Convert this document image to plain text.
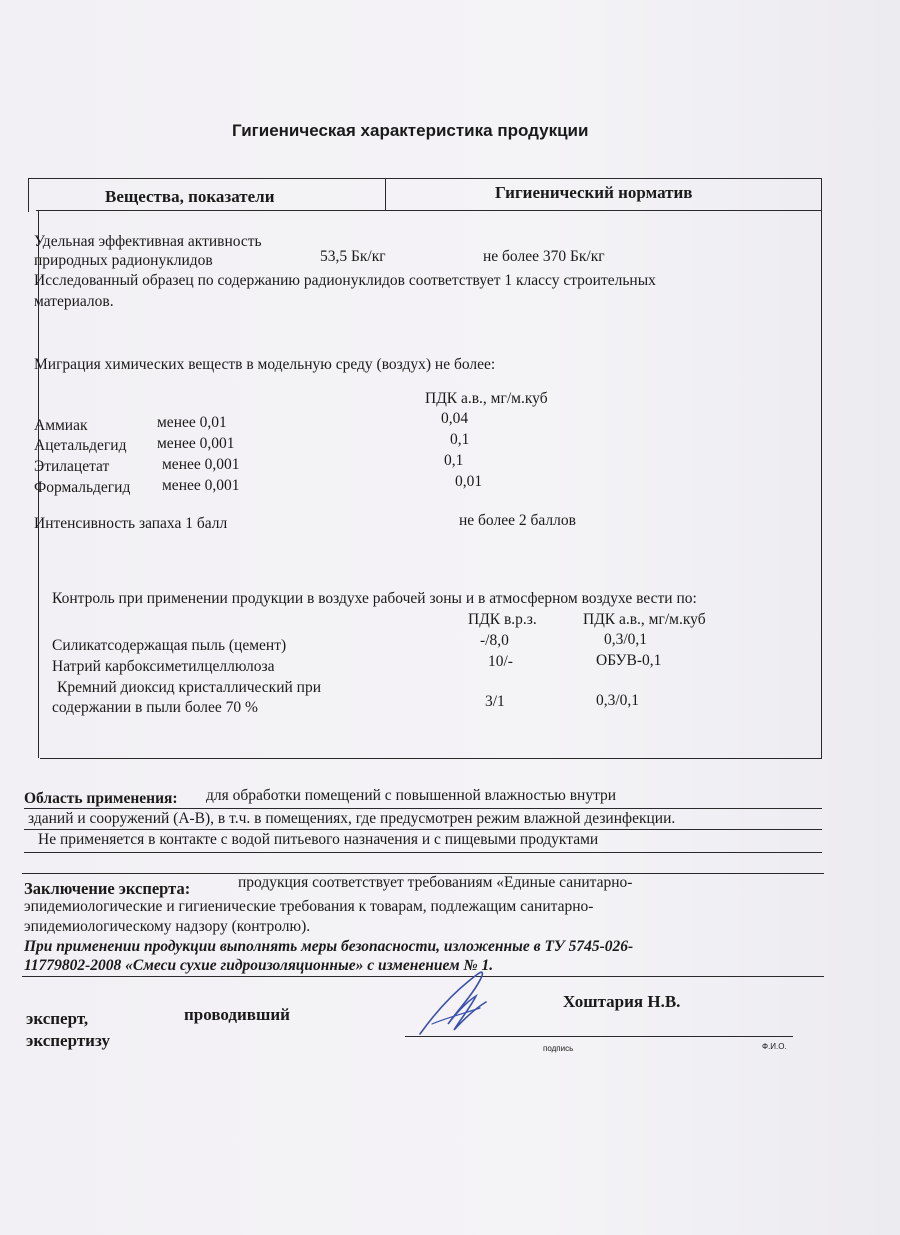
Гигиеническая характеристика продукции
Вещества, показатели	Гигиенический норматив
Удельная эффективная активность
природных радионуклидов	53,5 Бк/кг	не более 370 Бк/кг
Исследованный образец по содержанию радионуклидов соответствует 1 классу строительных
материалов.
Миграция химических веществ в модельную среду (воздух) не более:
ПДК а.в., мг/м.куб
Аммиак	менее 0,01	0,04
Ацетальдегид менее 0,001	0,1
Этилацетат	менее 0,001	0,1
Формальдегид менее 0,001	0,01
Интенсивность запаха 1 балл	не более 2 баллов
Контроль при применении продукции в воздухе рабочей зоны и в атмосферном воздухе вести по:
ПДК в.р.з.	ПДК а.в., мг/м.куб
Силикатсодержащая пыль (цемент)	-/8,0	0,3/0,1
Натрий карбоксиметилцеллюлоза	10/-	ОБУВ-0,1
Кремний диоксид кристаллический при
содержании в пыли более 70 %	3/1	0,3/0,1
Область применения: для обработки помещений с повышенной влажностью внутри
зданий и сооружений (А-В), в т.ч. в помещениях, где предусмотрен режим влажной дезинфекции.
Не применяется в контакте с водой питьевого назначения и с пищевыми продуктами
Заключение эксперта:	продукция соответствует требованиям «Единые санитарно-
эпидемиологические и гигиенические требования к товарам, подлежащим санитарно-
эпидемиологическому надзору (контролю).
При применении продукции выполнять меры безопасности, изложенные в ТУ 5745-026-
11779802-2008 «Смеси сухие гидроизоляционные» с изменением № 1.
эксперт,	проводивший
экспертизу
Хоштария Н.В.
подпись	Ф.И.О.
